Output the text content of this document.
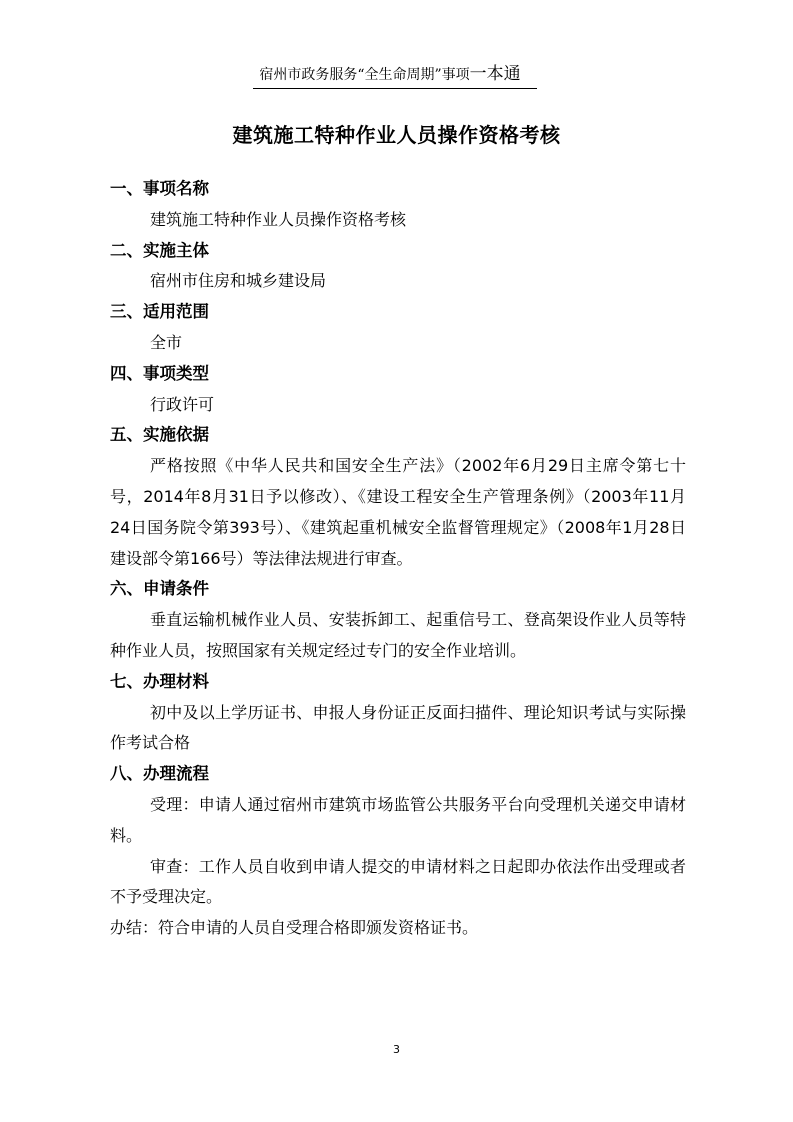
宿州市政务服务“全生命周期”事项一本通
建筑施工特种作业人员操作资格考核
一、事项名称
建筑施工特种作业人员操作资格考核
二、实施主体
宿州市住房和城乡建设局
三、适用范围
全市
四、事项类型
行政许可
五、实施依据
严格按照《中华人民共和国安全生产法》（2002年6月29日主席令第七十号，2014年8月31日予以修改）、《建设工程安全生产管理条例》（2003年11月24日国务院令第393号）、《建筑起重机械安全监督管理规定》（2008年1月28日建设部令第166号）等法律法规进行审查。
六、申请条件
垂直运输机械作业人员、安装拆卸工、起重信号工、登高架设作业人员等特种作业人员，按照国家有关规定经过专门的安全作业培训。
七、办理材料
初中及以上学历证书、申报人身份证正反面扫描件、理论知识考试与实际操作考试合格
八、办理流程
受理：申请人通过宿州市建筑市场监管公共服务平台向受理机关递交申请材料。
审查：工作人员自收到申请人提交的申请材料之日起即办依法作出受理或者不予受理决定。
办结：符合申请的人员自受理合格即颁发资格证书。
3
